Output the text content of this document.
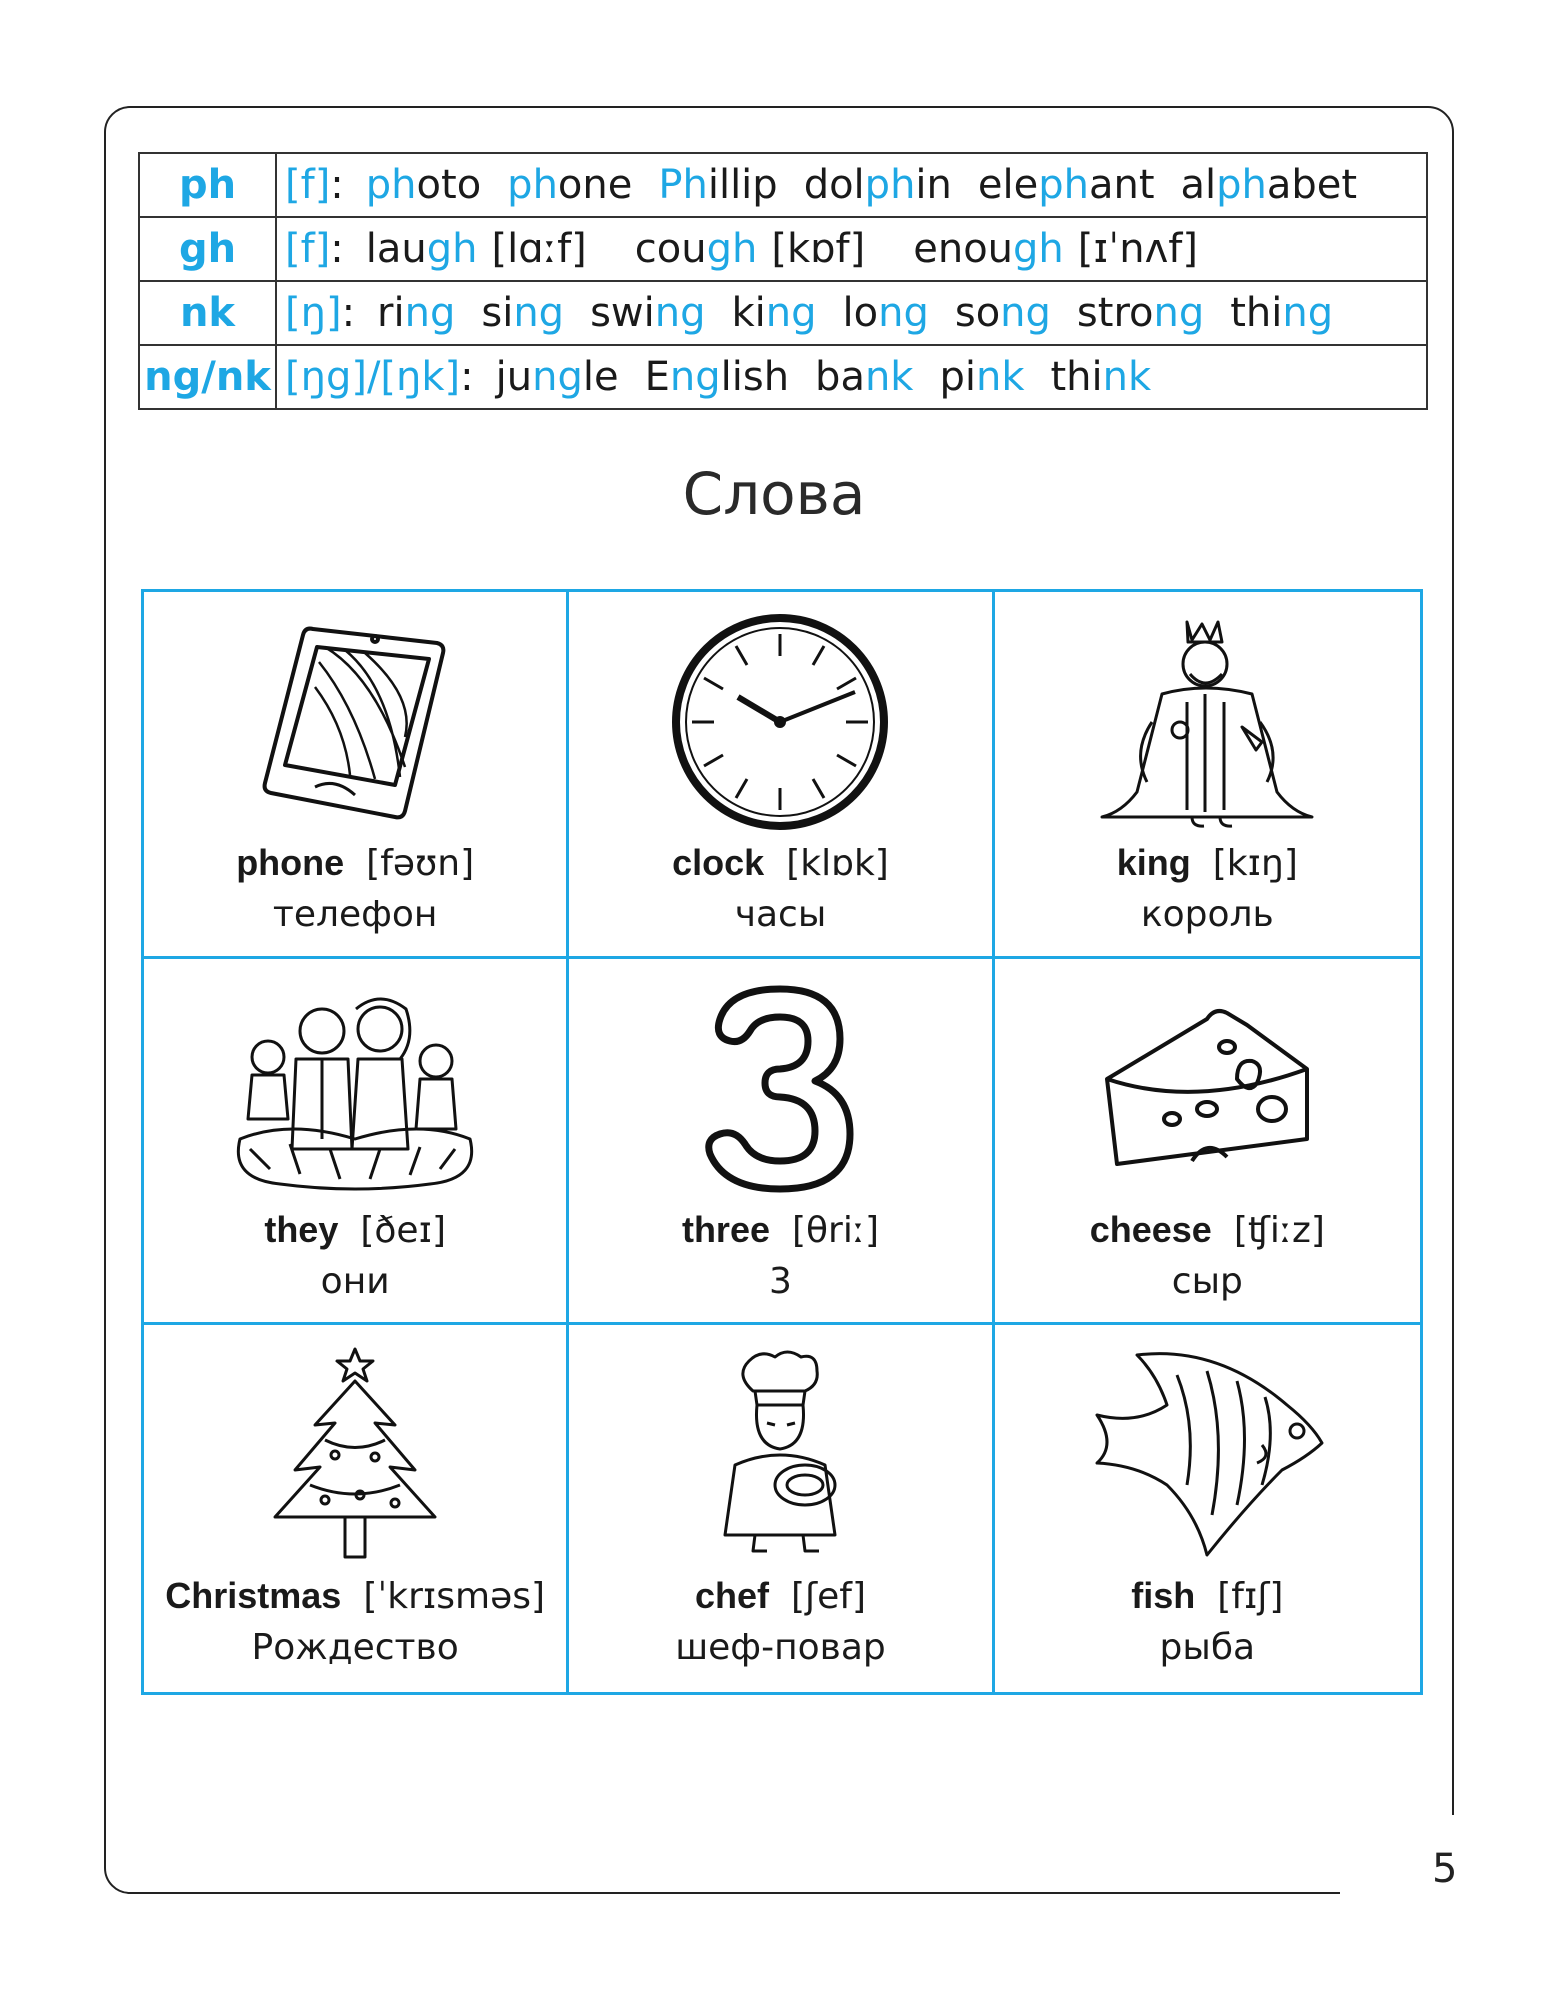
5
ph	[f]: photo phone Phillip dolphin elephant alphabet
gh	[f]: laugh [lɑːf] cough [kɒf] enough [ɪˈnʌf]
nk	[ŋ]: ring sing swing king long song strong thing
ng/nk	[ŋg]/[ŋk]: jungle English bank pink think
Слова
phone [fəʊn]
телефон
clock [klɒk]
часы
king [kɪŋ]
король
they [ðeɪ]
они
three [θriː]
3
cheese [ʧiːz]
сыр
Christmas [ˈkrɪsməs]
Рождество
chef [ʃef]
шеф-повар
fish [fɪʃ]
рыба
